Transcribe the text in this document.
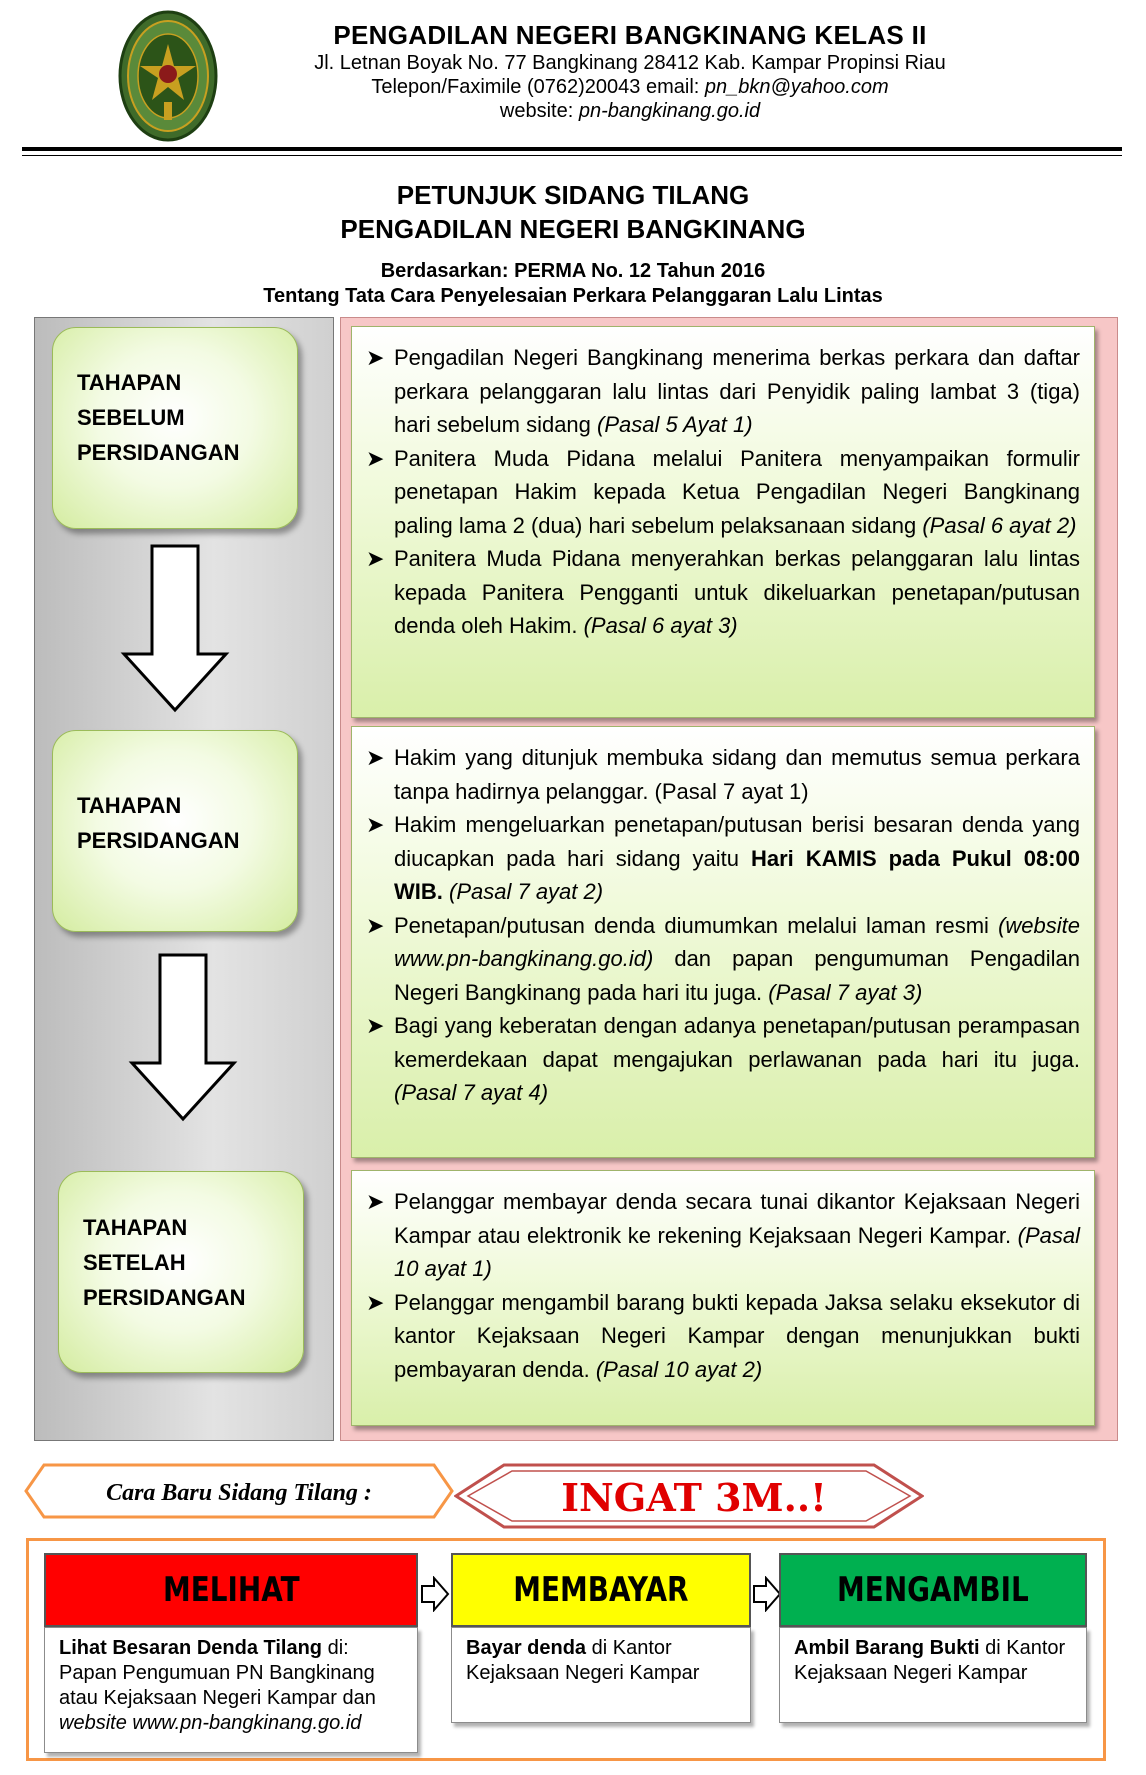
PENGADILAN NEGERI BANGKINANG KELAS II
Jl. Letnan Boyak No. 77 Bangkinang 28412 Kab. Kampar Propinsi Riau
Telepon/Faximile (0762)20043 email: pn_bkn@yahoo.com
website: pn-bangkinang.go.id
PETUNJUK SIDANG TILANG
PENGADILAN NEGERI BANGKINANG
Berdasarkan: PERMA No. 12 Tahun 2016
Tentang Tata Cara Penyelesaian Perkara Pelanggaran Lalu Lintas
TAHAPAN
SEBELUM
PERSIDANGAN
TAHAPAN
PERSIDANGAN
TAHAPAN
SETELAH
PERSIDANGAN
➤ Pengadilan Negeri Bangkinang menerima berkas perkara dan daftar perkara pelanggaran lalu lintas dari Penyidik paling lambat 3 (tiga) hari sebelum sidang (Pasal 5 Ayat 1)
➤ Panitera Muda Pidana melalui Panitera menyampaikan formulir penetapan Hakim kepada Ketua Pengadilan Negeri Bangkinang paling lama 2 (dua) hari sebelum pelaksanaan sidang (Pasal 6 ayat 2)
➤ Panitera Muda Pidana menyerahkan berkas pelanggaran lalu lintas kepada Panitera Pengganti untuk dikeluarkan penetapan/putusan denda oleh Hakim. (Pasal 6 ayat 3)
➤ Hakim yang ditunjuk membuka sidang dan memutus semua perkara tanpa hadirnya pelanggar. (Pasal 7 ayat 1)
➤ Hakim mengeluarkan penetapan/putusan berisi besaran denda yang diucapkan pada hari sidang yaitu Hari KAMIS pada Pukul 08:00 WIB. (Pasal 7 ayat 2)
➤ Penetapan/putusan denda diumumkan melalui laman resmi (website www.pn-bangkinang.go.id) dan papan pengumuman Pengadilan Negeri Bangkinang pada hari itu juga. (Pasal 7 ayat 3)
➤ Bagi yang keberatan dengan adanya penetapan/putusan perampasan kemerdekaan dapat mengajukan perlawanan pada hari itu juga. (Pasal 7 ayat 4)
➤ Pelanggar membayar denda secara tunai dikantor Kejaksaan Negeri Kampar atau elektronik ke rekening Kejaksaan Negeri Kampar. (Pasal 10 ayat 1)
➤ Pelanggar mengambil barang bukti kepada Jaksa selaku eksekutor di kantor Kejaksaan Negeri Kampar dengan menunjukkan bukti pembayaran denda. (Pasal 10 ayat 2)
Cara Baru Sidang Tilang :	INGAT 3M..!
MELIHAT
Lihat Besaran Denda Tilang di:
Papan Pengumuan PN Bangkinang atau Kejaksaan Negeri Kampar dan
website www.pn-bangkinang.go.id
MEMBAYAR
Bayar denda di Kantor Kejaksaan Negeri Kampar
MENGAMBIL
Ambil Barang Bukti di Kantor Kejaksaan Negeri Kampar
